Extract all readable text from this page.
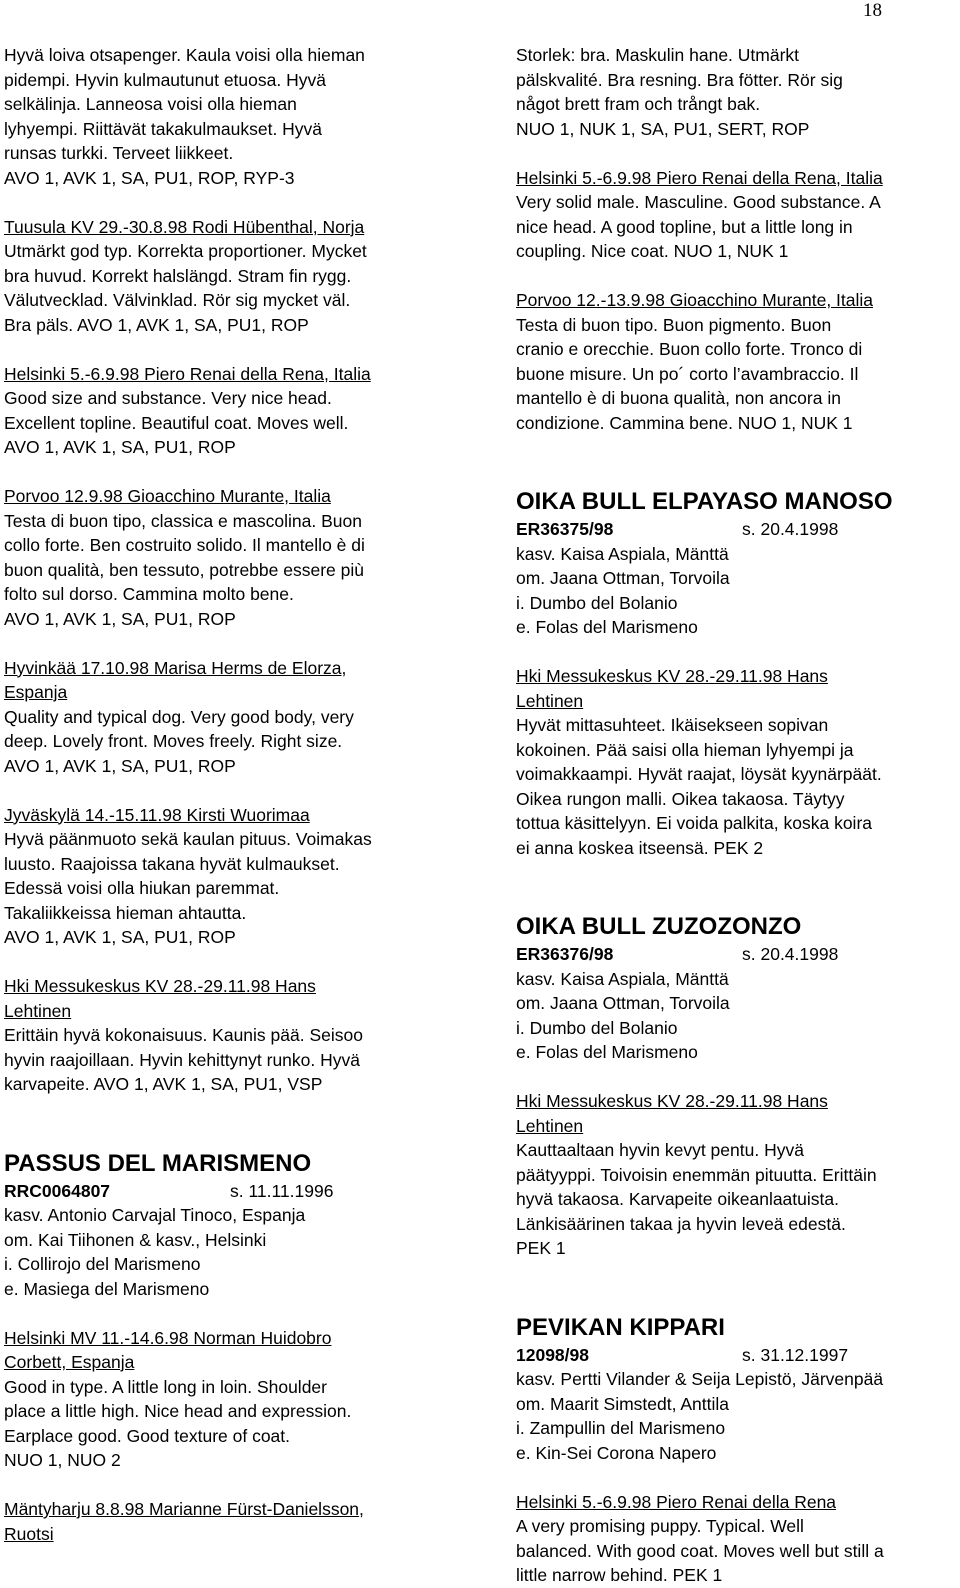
18
Hyvä loiva otsapenger. Kaula voisi olla hieman
pidempi. Hyvin kulmautunut etuosa. Hyvä
selkälinja. Lanneosa voisi olla hieman
lyhyempi. Riittävät takakulmaukset. Hyvä
runsas turkki. Terveet liikkeet.
AVO 1, AVK 1, SA, PU1, ROP, RYP-3
Tuusula KV 29.-30.8.98 Rodi Hübenthal, Norja
Utmärkt god typ. Korrekta proportioner. Mycket
bra huvud. Korrekt halslängd. Stram fin rygg.
Välutvecklad. Välvinklad. Rör sig mycket väl.
Bra päls. AVO 1, AVK 1, SA, PU1, ROP
Helsinki 5.-6.9.98 Piero Renai della Rena, Italia
Good size and substance. Very nice head.
Excellent topline. Beautiful coat. Moves well.
AVO 1, AVK 1, SA, PU1, ROP
Porvoo 12.9.98 Gioacchino Murante, Italia
Testa di buon tipo, classica e mascolina. Buon
collo forte. Ben costruito solido. Il mantello è di
buon qualità, ben tessuto, potrebbe essere più
folto sul dorso. Cammina molto bene.
AVO 1, AVK 1, SA, PU1, ROP
Hyvinkää 17.10.98 Marisa Herms de Elorza,
Espanja
Quality and typical dog. Very good body, very
deep. Lovely front. Moves freely. Right size.
AVO 1, AVK 1, SA, PU1, ROP
Jyväskylä 14.-15.11.98 Kirsti Wuorimaa
Hyvä päänmuoto sekä kaulan pituus. Voimakas
luusto. Raajoissa takana hyvät kulmaukset.
Edessä voisi olla hiukan paremmat.
Takaliikkeissa hieman ahtautta.
AVO 1, AVK 1, SA, PU1, ROP
Hki Messukeskus KV 28.-29.11.98 Hans
Lehtinen
Erittäin hyvä kokonaisuus. Kaunis pää. Seisoo
hyvin raajoillaan. Hyvin kehittynyt runko. Hyvä
karvapeite. AVO 1, AVK 1, SA, PU1, VSP
PASSUS DEL MARISMENO
RRC0064807	s. 11.11.1996
kasv. Antonio Carvajal Tinoco, Espanja
om. Kai Tiihonen & kasv., Helsinki
i. Collirojo del Marismeno
e. Masiega del Marismeno
Helsinki MV 11.-14.6.98 Norman Huidobro
Corbett, Espanja
Good in type. A little long in loin. Shoulder
place a little high. Nice head and expression.
Earplace good. Good texture of coat.
NUO 1, NUO 2
Mäntyharju 8.8.98 Marianne Fürst-Danielsson,
Ruotsi
Storlek: bra. Maskulin hane. Utmärkt
pälskvalité. Bra resning. Bra fötter. Rör sig
något brett fram och trångt bak.
NUO 1, NUK 1, SA, PU1, SERT, ROP
Helsinki 5.-6.9.98 Piero Renai della Rena, Italia
Very solid male. Masculine. Good substance. A
nice head. A good topline, but a little long in
coupling. Nice coat. NUO 1, NUK 1
Porvoo 12.-13.9.98 Gioacchino Murante, Italia
Testa di buon tipo. Buon pigmento. Buon
cranio e orecchie. Buon collo forte. Tronco di
buone misure. Un po´ corto l’avambraccio. Il
mantello è di buona qualità, non ancora in
condizione. Cammina bene. NUO 1, NUK 1
OIKA BULL ELPAYASO MANOSO
ER36375/98	s. 20.4.1998
kasv. Kaisa Aspiala, Mänttä
om. Jaana Ottman, Torvoila
i. Dumbo del Bolanio
e. Folas del Marismeno
Hki Messukeskus KV 28.-29.11.98 Hans
Lehtinen
Hyvät mittasuhteet. Ikäisekseen sopivan
kokoinen. Pää saisi olla hieman lyhyempi ja
voimakkaampi. Hyvät raajat, löysät kyynärpäät.
Oikea rungon malli. Oikea takaosa. Täytyy
tottua käsittelyyn. Ei voida palkita, koska koira
ei anna koskea itseensä. PEK 2
OIKA BULL ZUZOZONZO
ER36376/98	s. 20.4.1998
kasv. Kaisa Aspiala, Mänttä
om. Jaana Ottman, Torvoila
i. Dumbo del Bolanio
e. Folas del Marismeno
Hki Messukeskus KV 28.-29.11.98 Hans
Lehtinen
Kauttaaltaan hyvin kevyt pentu. Hyvä
päätyyppi. Toivoisin enemmän pituutta. Erittäin
hyvä takaosa. Karvapeite oikeanlaatuista.
Länkisäärinen takaa ja hyvin leveä edestä.
PEK 1
PEVIKAN KIPPARI
12098/98	s. 31.12.1997
kasv. Pertti Vilander & Seija Lepistö, Järvenpää
om. Maarit Simstedt, Anttila
i. Zampullin del Marismeno
e. Kin-Sei Corona Napero
Helsinki 5.-6.9.98 Piero Renai della Rena
A very promising puppy. Typical. Well
balanced. With good coat. Moves well but still a
little narrow behind. PEK 1
